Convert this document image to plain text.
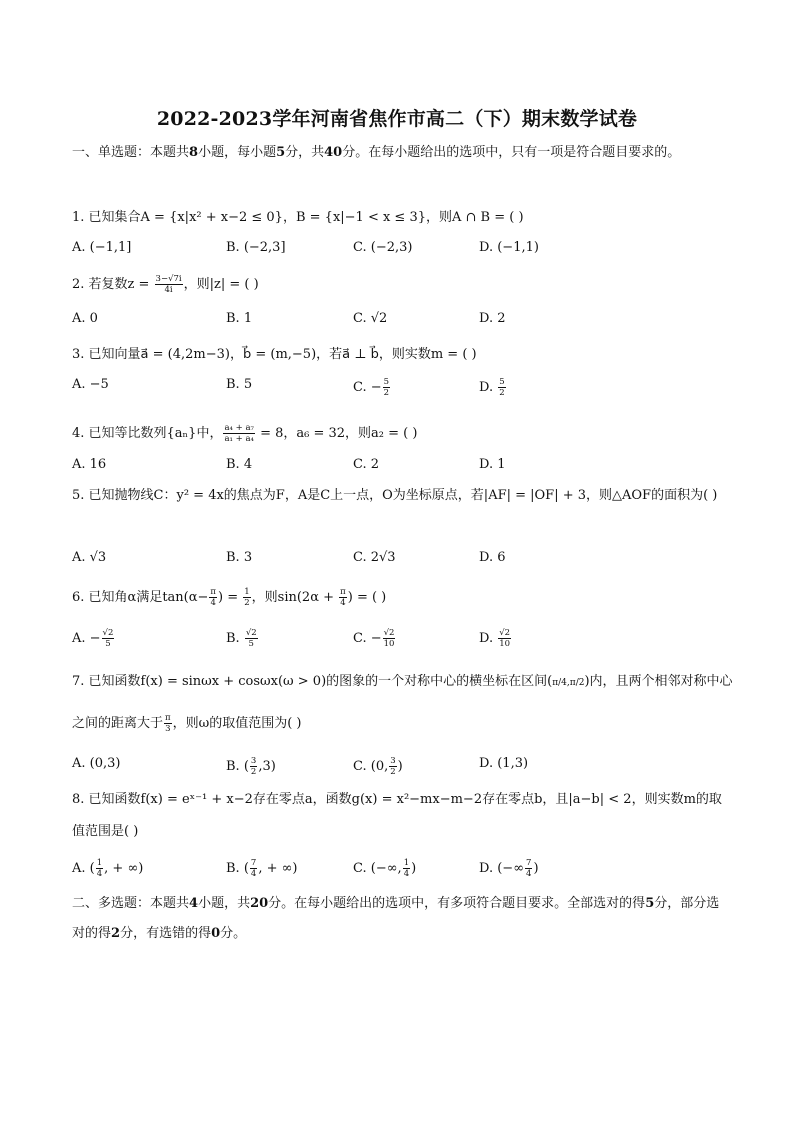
2022-2023学年河南省焦作市高二（下）期末数学试卷
一、单选题：本题共8小题，每小题5分，共40分。在每小题给出的选项中，只有一项是符合题目要求的。
1. 已知集合A = {x|x² + x−2 ≤ 0}，B = {x|−1 < x ≤ 3}，则A ∩ B = ( )
A. (−1,1]	B. (−2,3]	C. (−2,3)	D. (−1,1)
2. 若复数$z = \frac{3-√7i}{4i}$ ，则|z| = ( )
A. 0	B. 1	C. √2	D. 2
3. 已知向量a⃗ = (4,2m−3)，b⃗ = (m,−5)，若a⃗ ⊥ b⃗，则实数m = ( )
A. −5	B. 5	C. − $\frac{5}{2}$	D. $\frac{5}{2}$
4. 已知等比数列{aₙ}中， $\frac{\text{a₄ + a₇}}{\text{a₁ + a₄}} = 8$，a₆ = 32，则a₂ = ( )
A. 16	B. 4	C. 2	D. 1
5. 已知抛物线C：y² = 4x的焦点为F，A是C上一点，O为坐标原点，若|AF| = |OF| + 3，则△AOF的面积为( )
A. √3	B. 3	C. 2√3	D. 6
6. 已知角α满足$\tan(\alpha- \frac{\pi}{4}$ ) = $\frac{1}{2}$ ，则$\sin(2\alpha + \frac{\pi}{4}$ ) = ( )
A. − $\frac{√2}{5}$	B. $\frac{√2}{5}$	C. − $\frac{√2}{10}$	D. $\frac{√2}{10}$
7. 已知函数f(x) = sinωx + cosωx(ω > 0)的图象的一个对称中心的横坐标在区间(π/4,π/2)内，且两个相邻对称中心
之间的距离大于 $\frac{\pi}{3}$ ，则ω的取值范围为( )
A. (0,3)	B. ( $\frac{3}{2} ,3$)	C. (0, $\frac{3}{2}$ )	D. (1,3)
8. 已知函数f(x) = eˣ⁻¹ + x−2存在零点a，函数g(x) = x²−mx−m−2存在零点b，且|a−b| < 2，则实数m的取值范围是( )
A. ( $\frac{1}{4}$ , + ∞)	B. ( $\frac{7}{4}$ , + ∞)	C. (−∞, $\frac{1}{4}$ )	D. (−∞ $\frac{7}{4}$ )
二、多选题：本题共4小题，共20分。在每小题给出的选项中，有多项符合题目要求。全部选对的得5分，部分选对的得2分，有选错的得0分。
